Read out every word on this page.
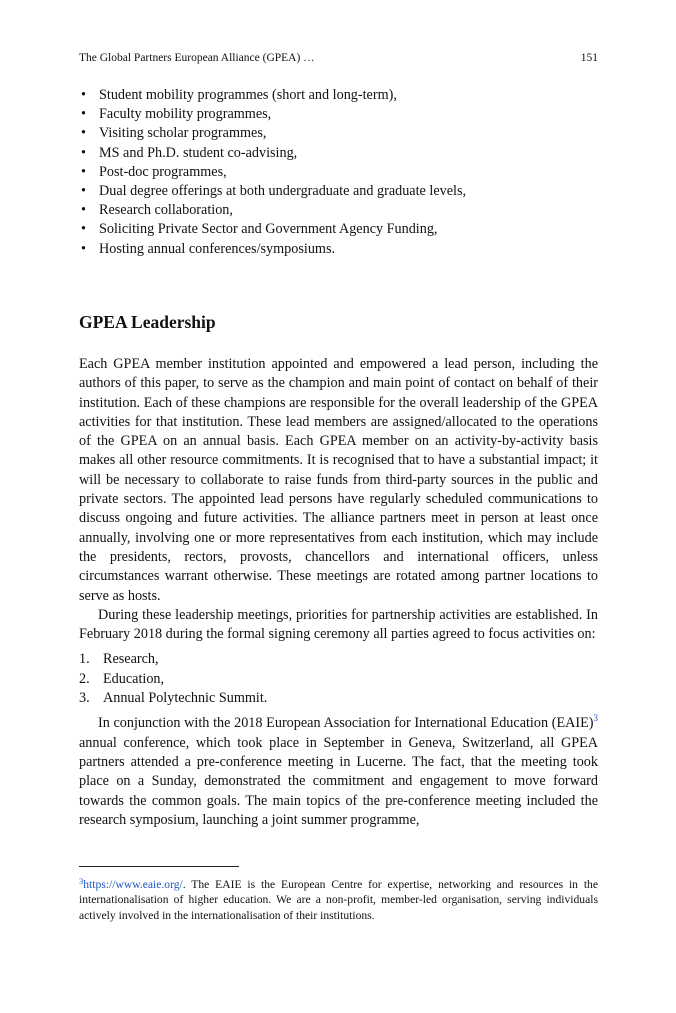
The Global Partners European Alliance (GPEA) …	151
• Student mobility programmes (short and long-term),
• Faculty mobility programmes,
• Visiting scholar programmes,
• MS and Ph.D. student co-advising,
• Post-doc programmes,
• Dual degree offerings at both undergraduate and graduate levels,
• Research collaboration,
• Soliciting Private Sector and Government Agency Funding,
• Hosting annual conferences/symposiums.
GPEA Leadership

Each GPEA member institution appointed and empowered a lead person, including the authors of this paper, to serve as the champion and main point of contact on behalf of their institution. Each of these champions are responsible for the overall leadership of the GPEA activities for that institution. These lead members are assigned/allocated to the operations of the GPEA on an annual basis. Each GPEA member on an activity-by-activity basis makes all other resource commitments. It is recognised that to have a substantial impact; it will be necessary to collaborate to raise funds from third-party sources in the public and private sectors. The appointed lead persons have regularly scheduled communications to discuss ongoing and future activities. The alliance partners meet in person at least once annually, involving one or more representatives from each institution, which may include the presidents, rectors, provosts, chancellors and international officers, unless circumstances warrant otherwise. These meetings are rotated among partner locations to serve as hosts.

During these leadership meetings, priorities for partnership activities are established. In February 2018 during the formal signing ceremony all parties agreed to focus activities on:

1. Research,
2. Education,
3. Annual Polytechnic Summit.

In conjunction with the 2018 European Association for International Education (EAIE)$^3$ annual conference, which took place in September in Geneva, Switzerland, all GPEA partners attended a pre-conference meeting in Lucerne. The fact, that the meeting took place on a Sunday, demonstrated the commitment and engagement to move forward towards the common goals. The main topics of the pre-conference meeting included the research symposium, launching a joint summer programme,

$^3$https://www.eaie.org/. The EAIE is the European Centre for expertise, networking and resources in the internationalisation of higher education. We are a non-profit, member-led organisation, serving individuals actively involved in the internationalisation of their institutions.
